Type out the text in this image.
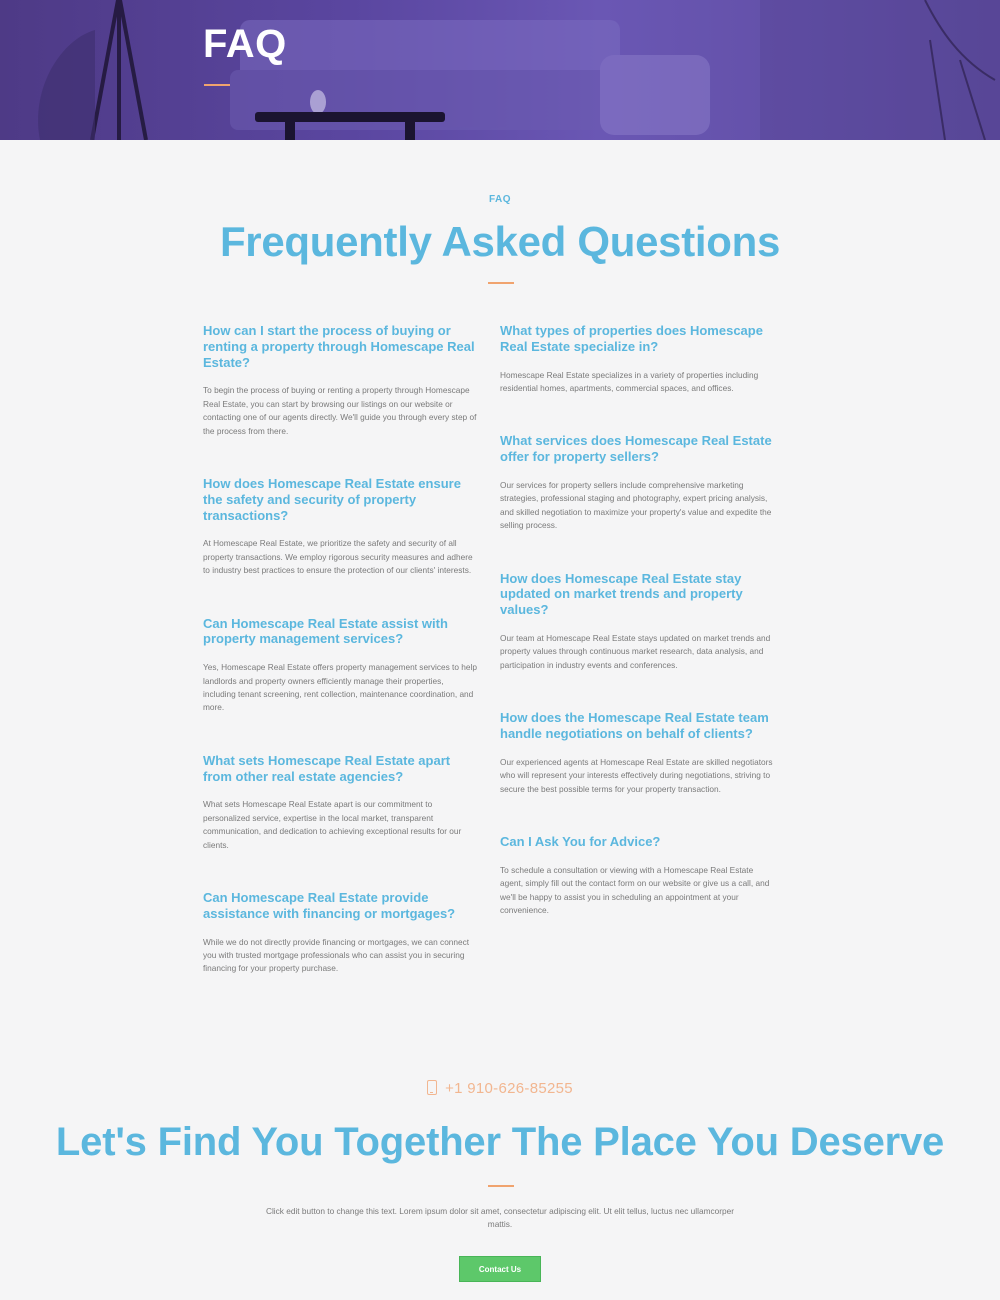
FAQ
FAQ
Frequently Asked Questions
How can I start the process of buying or renting a property through Homescape Real Estate?

To begin the process of buying or renting a property through Homescape Real Estate, you can start by browsing our listings on our website or contacting one of our agents directly. We'll guide you through every step of the process from there.

How does Homescape Real Estate ensure the safety and security of property transactions?

At Homescape Real Estate, we prioritize the safety and security of all property transactions. We employ rigorous security measures and adhere to industry best practices to ensure the protection of our clients' interests.

Can Homescape Real Estate assist with property management services?

Yes, Homescape Real Estate offers property management services to help landlords and property owners efficiently manage their properties, including tenant screening, rent collection, maintenance coordination, and more.

What sets Homescape Real Estate apart from other real estate agencies?

What sets Homescape Real Estate apart is our commitment to personalized service, expertise in the local market, transparent communication, and dedication to achieving exceptional results for our clients.

Can Homescape Real Estate provide assistance with financing or mortgages?

While we do not directly provide financing or mortgages, we can connect you with trusted mortgage professionals who can assist you in securing financing for your property purchase.

What types of properties does Homescape Real Estate specialize in?

Homescape Real Estate specializes in a variety of properties including residential homes, apartments, commercial spaces, and offices.

What services does Homescape Real Estate offer for property sellers?

Our services for property sellers include comprehensive marketing strategies, professional staging and photography, expert pricing analysis, and skilled negotiation to maximize your property's value and expedite the selling process.

How does Homescape Real Estate stay updated on market trends and property values?

Our team at Homescape Real Estate stays updated on market trends and property values through continuous market research, data analysis, and participation in industry events and conferences.

How does the Homescape Real Estate team handle negotiations on behalf of clients?

Our experienced agents at Homescape Real Estate are skilled negotiators who will represent your interests effectively during negotiations, striving to secure the best possible terms for your property transaction.

Can I Ask You for Advice?

To schedule a consultation or viewing with a Homescape Real Estate agent, simply fill out the contact form on our website or give us a call, and we'll be happy to assist you in scheduling an appointment at your convenience.

+1 910-626-85255
Let's Find You Together The Place You Deserve

Click edit button to change this text. Lorem ipsum dolor sit amet, consectetur adipiscing elit. Ut elit tellus, luctus nec ullamcorper mattis.

Contact Us
